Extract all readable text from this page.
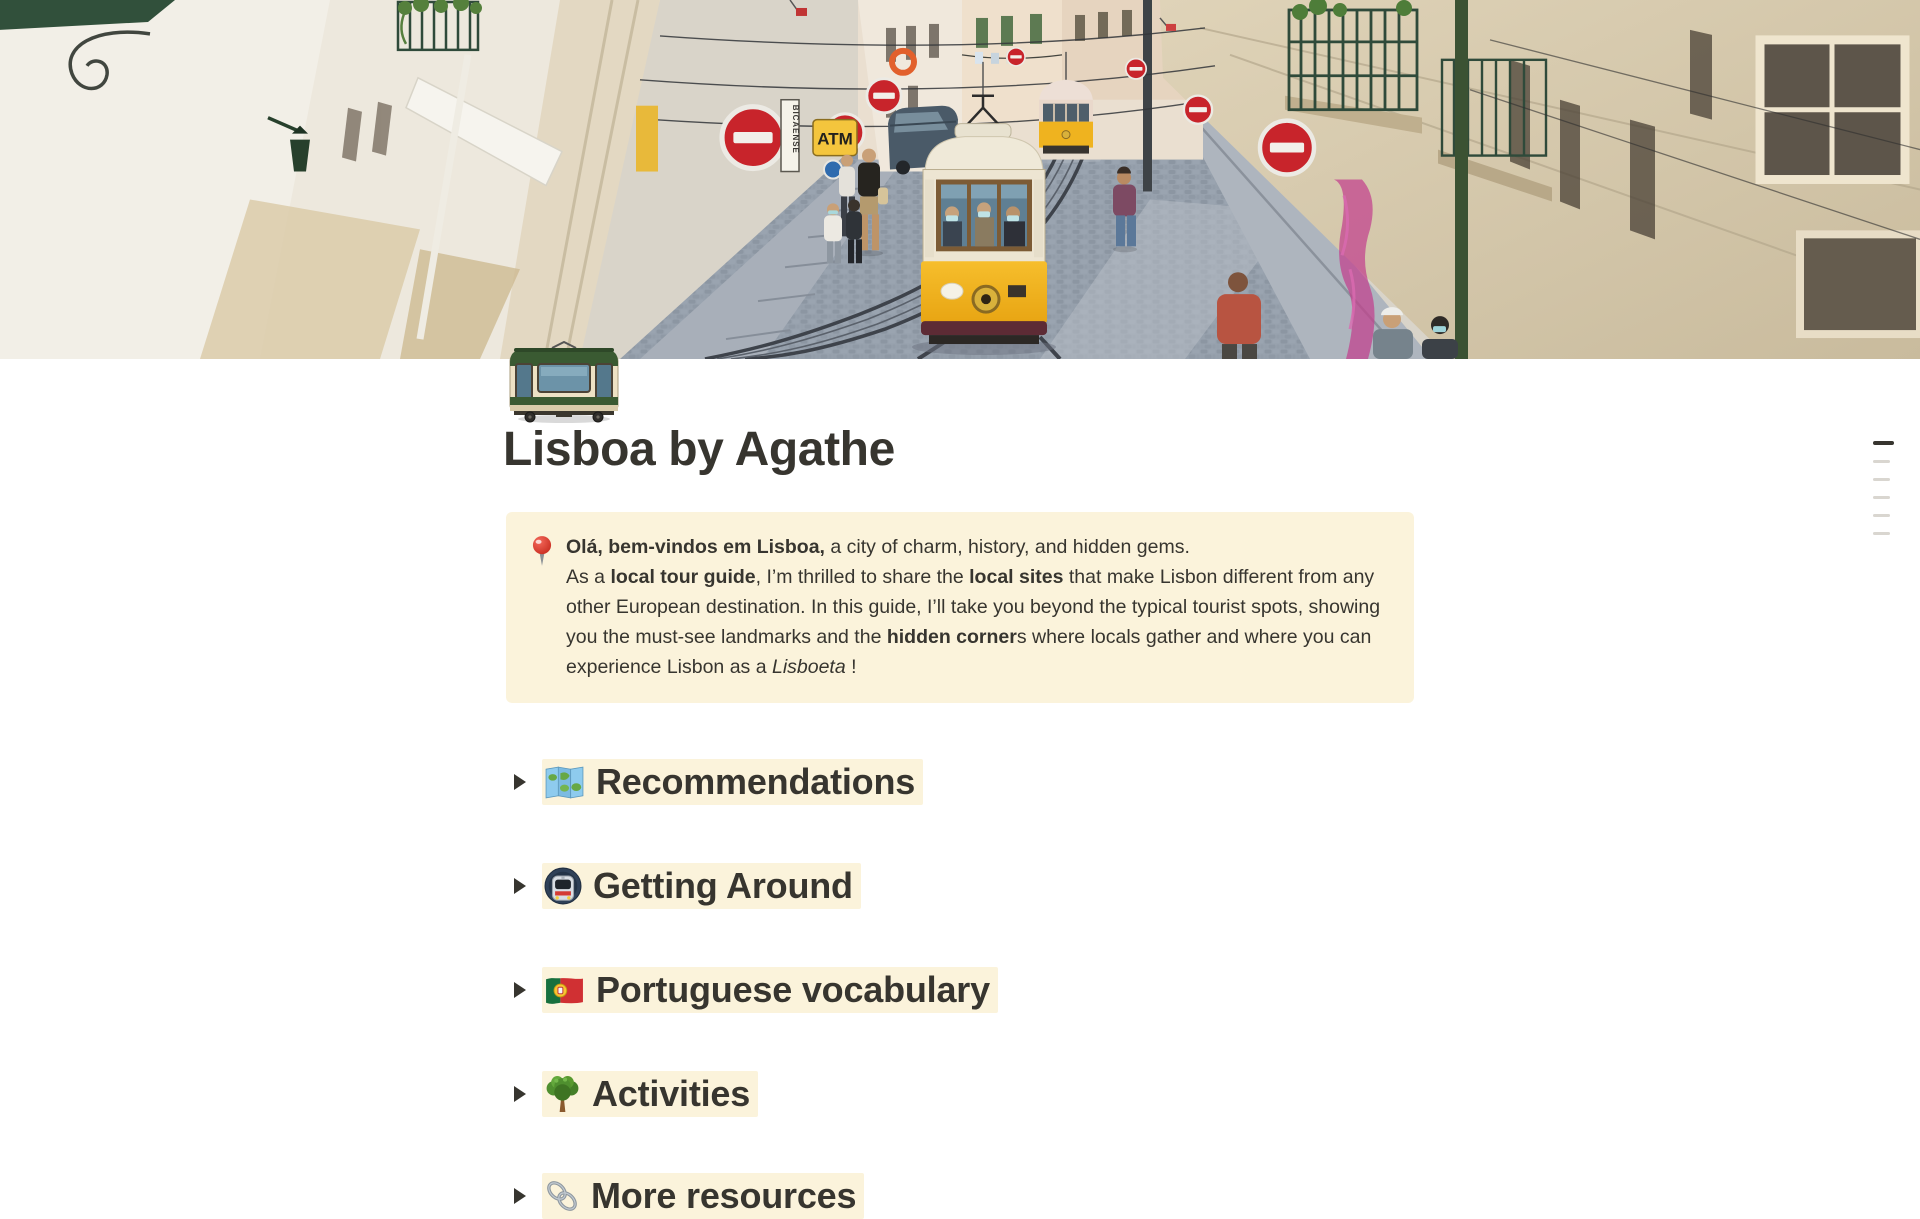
BICAENSE ATM
Lisboa by Agathe
Olá, bem-vindos em Lisboa, a city of charm, history, and hidden gems.
As a local tour guide, I’m thrilled to share the local sites that make Lisbon different from any other European destination. In this guide, I’ll take you beyond the typical tourist spots, showing you the must-see landmarks and the hidden corners where locals gather and where you can experience Lisbon as a Lisboeta !
Recommendations
Getting Around
Portuguese vocabulary
Activities
More resources
